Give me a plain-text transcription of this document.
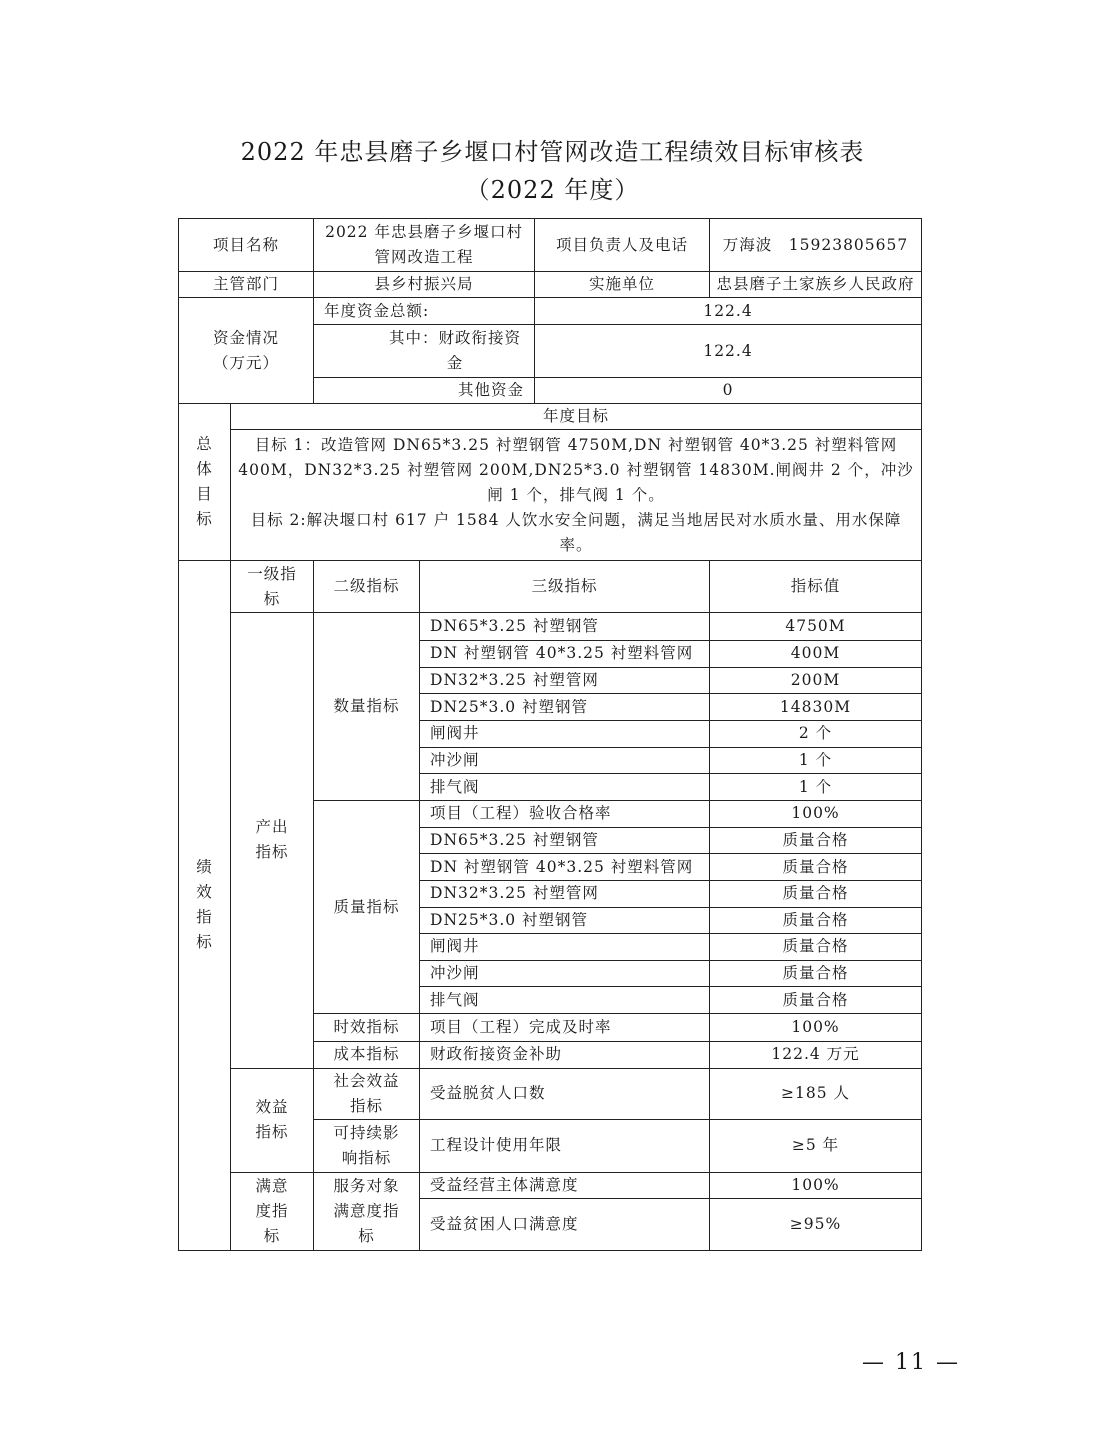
2022 年忠县磨子乡堰口村管网改造工程绩效目标审核表
（2022 年度）
项目名称		2022 年忠县磨子乡堰口村管网改造工程		项目负责人及电话	万海波　15923805657
主管部门		县乡村振兴局		实施单位	忠县磨子土家族乡人民政府
资金情况（万元）		年度资金总额:		122.4	
		其中：财政衔接资金		122.4	
		其他资金		0	
总体目标	年度目标				

	目标 1：改造管网 DN65*3.25 衬塑钢管 4750M,DN 衬塑钢管 40*3.25 衬塑料管网 400M，DN32*3.25 衬塑管网 200M,DN25*3.0 衬塑钢管 14830M.闸阀井 2 个，冲沙闸 1 个，排气阀 1 个。
目标 2:解决堰口村 617 户 1584 人饮水安全问题，满足当地居民对水质水量、用水保障率。				

绩效指标	一级指标	二级指标	三级指标		指标值
	产出指标	数量指标	DN65*3.25 衬塑钢管		4750M
			DN 衬塑钢管 40*3.25 衬塑料管网		400M
			DN32*3.25 衬塑管网		200M
			DN25*3.0 衬塑钢管		14830M
			闸阀井		2 个
			冲沙闸		1 个
			排气阀		1 个
		质量指标	项目（工程）验收合格率		100%
			DN65*3.25 衬塑钢管		质量合格
			DN 衬塑钢管 40*3.25 衬塑料管网		质量合格
			DN32*3.25 衬塑管网		质量合格
			DN25*3.0 衬塑钢管		质量合格
			闸阀井		质量合格
			冲沙闸		质量合格
			排气阀		质量合格
		时效指标	项目（工程）完成及时率		100%
		成本指标	财政衔接资金补助		122.4 万元
	效益指标	社会效益指标	受益脱贫人口数		≥185 人
		可持续影响指标	工程设计使用年限		≥5 年
	满意度指标	服务对象满意度指标	受益经营主体满意度		100%
			受益贫困人口满意度		≥95%
— 11 —
